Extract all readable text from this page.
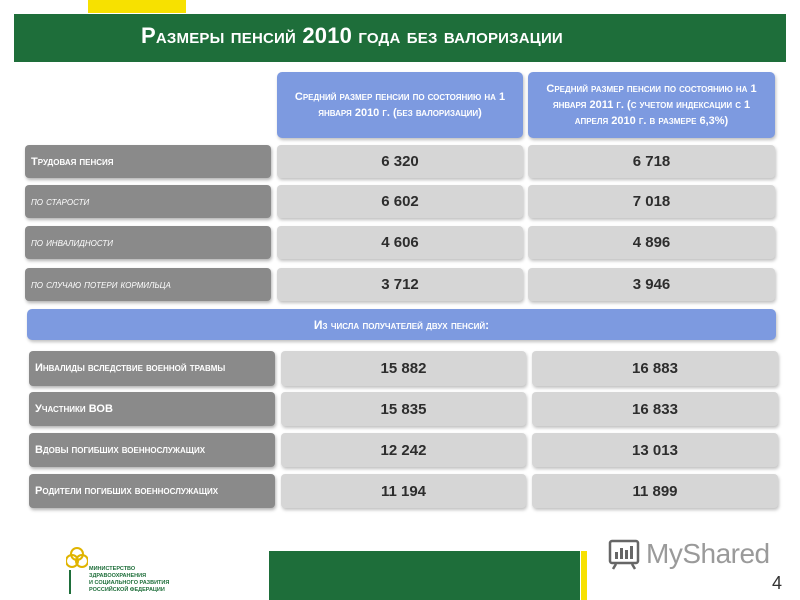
Размеры пенсий 2010 года без валоризации
Средний размер пенсии по состоянию на 1 января 2010 г. (без валоризации)
Средний размер пенсии по состоянию на 1 января 2011 г. (с учетом индексации с 1 апреля 2010 г. в размере 6,3%)
Трудовая пенсия	6 320	6 718
по старости	6 602	7 018
по инвалидности	4 606	4 896
по случаю потери кормильца	3 712	3 946
Из числа получателей двух пенсий:
Инвалиды вследствие военной травмы	15 882	16 883
Участники ВОВ	15 835	16 833
Вдовы погибших военнослужащих	12 242	13 013
Родители погибших военнослужащих	11 194	11 899
МИНИСТЕРСТВО
ЗДРАВООХРАНЕНИЯ
И СОЦИАЛЬНОГО РАЗВИТИЯ
РОССИЙСКОЙ ФЕДЕРАЦИИ
MyShared
4
